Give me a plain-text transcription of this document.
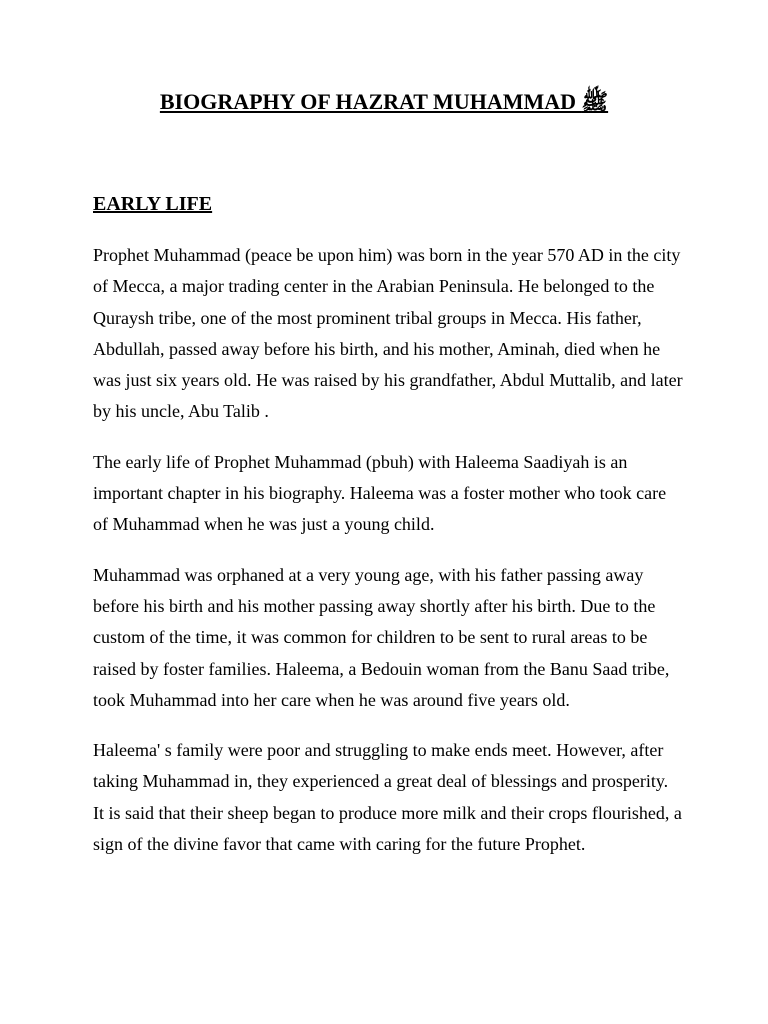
BIOGRAPHY OF HAZRAT MUHAMMAD ﷺ
EARLY LIFE

Prophet Muhammad (peace be upon him) was born in the year 570 AD in the city of Mecca, a major trading center in the Arabian Peninsula. He belonged to the Quraysh tribe, one of the most prominent tribal groups in Mecca. His father, Abdullah, passed away before his birth, and his mother, Aminah, died when he was just six years old. He was raised by his grandfather, Abdul Muttalib, and later by his uncle, Abu Talib .

The early life of Prophet Muhammad (pbuh) with Haleema Saadiyah is an important chapter in his biography. Haleema was a foster mother who took care of Muhammad when he was just a young child.

Muhammad was orphaned at a very young age, with his father passing away before his birth and his mother passing away shortly after his birth. Due to the custom of the time, it was common for children to be sent to rural areas to be raised by foster families. Haleema, a Bedouin woman from the Banu Saad tribe, took Muhammad into her care when he was around five years old.

Haleema' s family were poor and struggling to make ends meet. However, after taking Muhammad in, they experienced a great deal of blessings and prosperity. It is said that their sheep began to produce more milk and their crops flourished, a sign of the divine favor that came with caring for the future Prophet.
